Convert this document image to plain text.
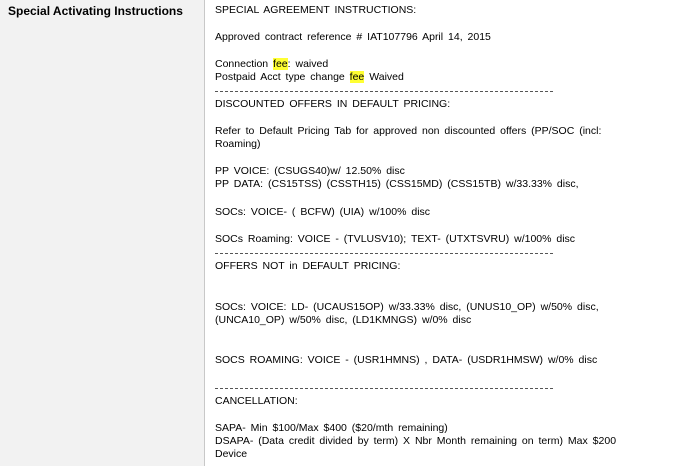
Special Activating Instructions	SPECIAL AGREEMENT INSTRUCTIONS:
Approved contract reference # IAT107796 April 14, 2015
Connection fee: waived
Postpaid Acct type change fee Waived
DISCOUNTED OFFERS IN DEFAULT PRICING:
Refer to Default Pricing Tab for approved non discounted offers (PP/SOC (incl: Roaming)
PP VOICE: (CSUGS40)w/ 12.50% disc
PP DATA: (CS15TSS) (CSSTH15) (CSS15MD) (CSS15TB) w/33.33% disc,
SOCs: VOICE- ( BCFW) (UIA) w/100% disc
SOCs Roaming: VOICE - (TVLUSV10); TEXT- (UTXTSVRU) w/100% disc
OFFERS NOT in DEFAULT PRICING:
SOCs: VOICE: LD- (UCAUS15OP) w/33.33% disc, (UNUS10_OP) w/50% disc, (UNCA10_OP) w/50% disc, (LD1KMNGS) w/0% disc
SOCS ROAMING: VOICE - (USR1HMNS) , DATA- (USDR1HMSW) w/0% disc
CANCELLATION:
SAPA- Min $100/Max $400 ($20/mth remaining)
DSAPA- (Data credit divided by term) X Nbr Month remaining on term) Max $200 Device
